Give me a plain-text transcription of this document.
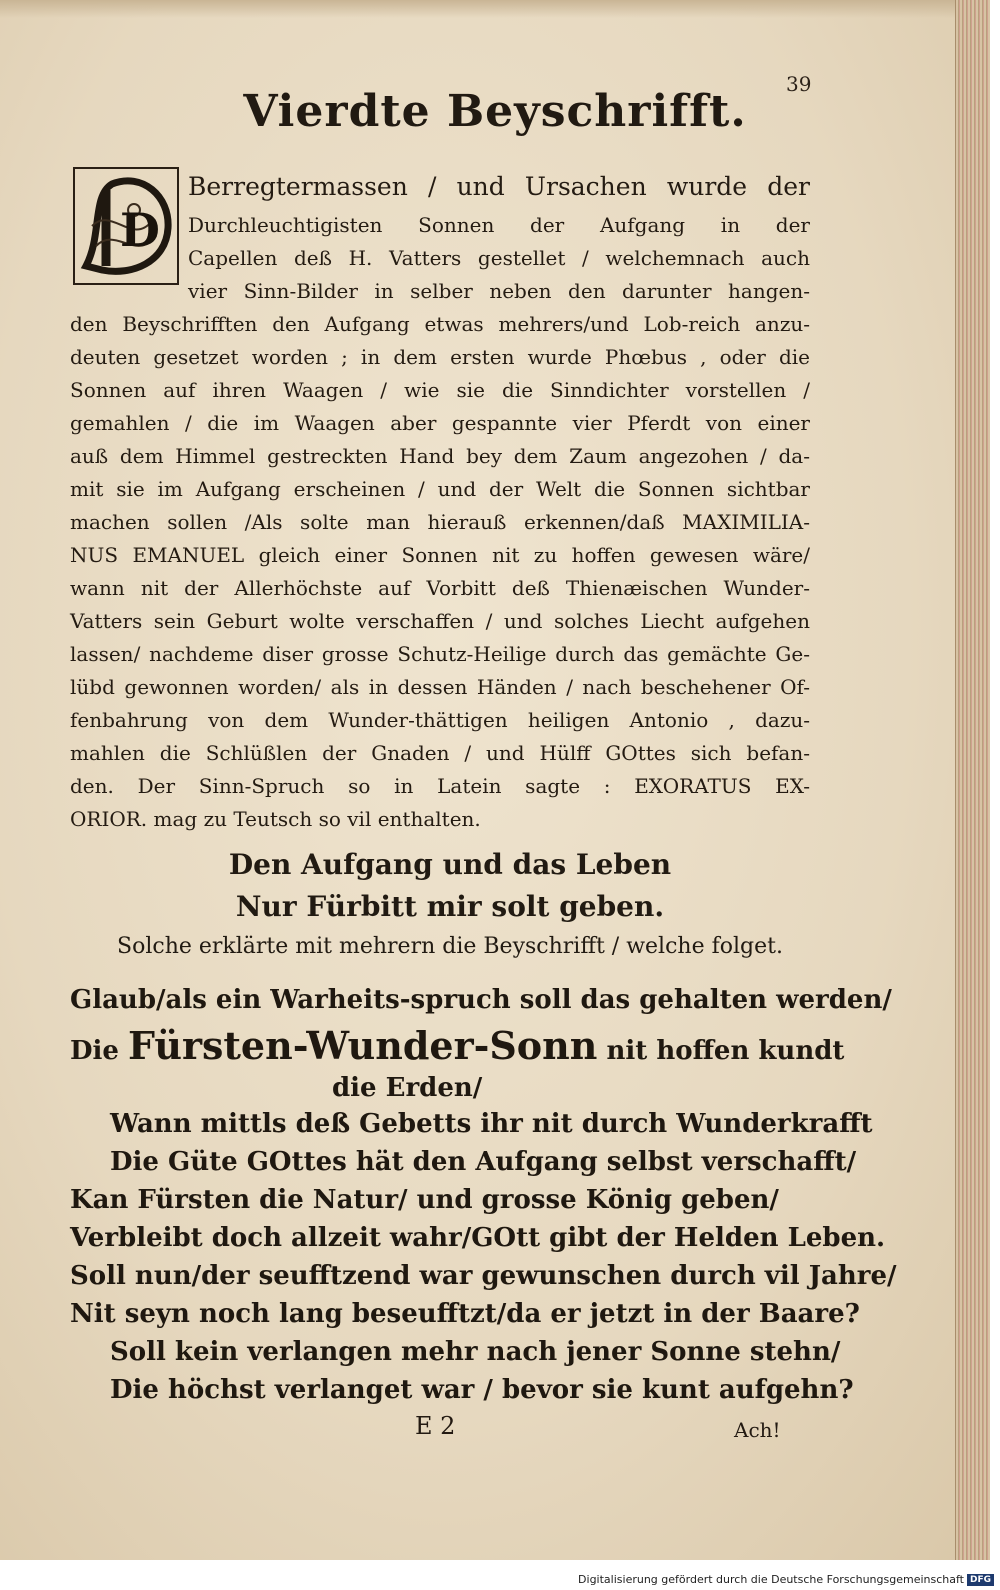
39
Vierdte Beyschrifft.
D
Berregtermassen / und Ursachen wurde der
Durchleuchtigisten Sonnen der Aufgang in der
Capellen deß H. Vatters gestellet / welchemnach auch
vier Sinn-Bilder in selber neben den darunter hangen-
den Beyschrifften den Aufgang etwas mehrers/und Lob-reich anzu-
deuten gesetzet worden ; in dem ersten wurde Phœbus , oder die
Sonnen auf ihren Waagen / wie sie die Sinndichter vorstellen /
gemahlen / die im Waagen aber gespannte vier Pferdt von einer
auß dem Himmel gestreckten Hand bey dem Zaum angezohen / da-
mit sie im Aufgang erscheinen / und der Welt die Sonnen sichtbar
machen sollen /Als solte man hierauß erkennen/daß MAXIMILIA-
NUS EMANUEL gleich einer Sonnen nit zu hoffen gewesen wäre/
wann nit der Allerhöchste auf Vorbitt deß Thienæischen Wunder-
Vatters sein Geburt wolte verschaffen / und solches Liecht aufgehen
lassen/ nachdeme diser grosse Schutz-Heilige durch das gemächte Ge-
lübd gewonnen worden/ als in dessen Händen / nach beschehener Of-
fenbahrung von dem Wunder-thättigen heiligen Antonio , dazu-
mahlen die Schlüßlen der Gnaden / und Hülff GOttes sich befan-
den. Der Sinn-Spruch so in Latein sagte : EXORATUS EX-
ORIOR. mag zu Teutsch so vil enthalten.
Den Aufgang und das Leben
Nur Fürbitt mir solt geben.
Solche erklärte mit mehrern die Beyschrifft / welche folget.
Glaub/als ein Warheits-spruch soll das gehalten werden/
Die Fürsten-Wunder-Sonn nit hoffen kundt
die Erden/
Wann mittls deß Gebetts ihr nit durch Wunderkrafft
Die Güte GOttes hät den Aufgang selbst verschafft/
Kan Fürsten die Natur/ und grosse König geben/
Verbleibt doch allzeit wahr/GOtt gibt der Helden Leben.
Soll nun/der seufftzend war gewunschen durch vil Jahre/
Nit seyn noch lang beseufftzt/da er jetzt in der Baare?
Soll kein verlangen mehr nach jener Sonne stehn/
Die höchst verlanget war / bevor sie kunt aufgehn?
E 2	Ach!
Digitalisierung gefördert durch die Deutsche Forschungsgemeinschaft DFG
